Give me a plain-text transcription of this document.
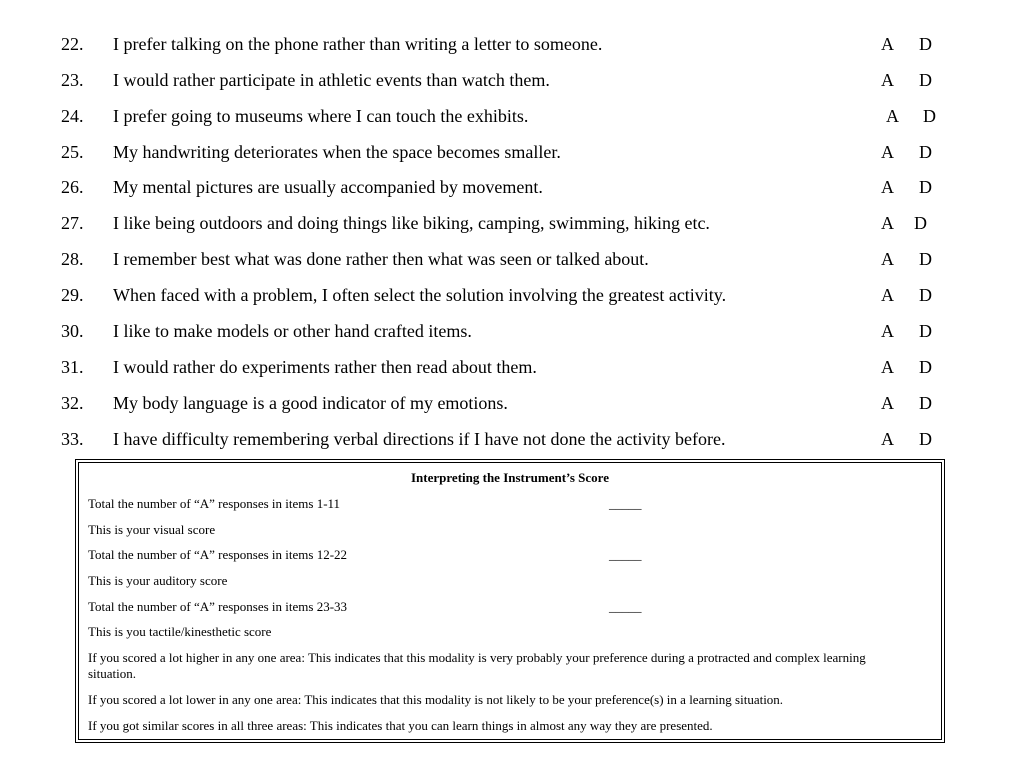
22. I prefer talking on the phone rather than writing a letter to someone.	A D
23. I would rather participate in athletic events than watch them.	A D
24. I prefer going to museums where I can touch the exhibits.	A D
25. My handwriting deteriorates when the space becomes smaller.	A D
26. My mental pictures are usually accompanied by movement.	A D
27. I like being outdoors and doing things like biking, camping, swimming, hiking etc.	A D
28. I remember best what was done rather then what was seen or talked about.	A D
29. When faced with a problem, I often select the solution involving the greatest activity.	A D
30. I like to make models or other hand crafted items.	A D
31. I would rather do experiments rather then read about them.	A D
32. My body language is a good indicator of my emotions.	A D
33. I have difficulty remembering verbal directions if I have not done the activity before.	A D
Interpreting the Instrument’s Score
Total the number of “A” responses in items 1-11	_____
This is your visual score
Total the number of “A” responses in items 12-22	_____
This is your auditory score
Total the number of “A” responses in items 23-33	_____
This is you tactile/kinesthetic score
If you scored a lot higher in any one area: This indicates that this modality is very probably your preference during a protracted and complex learning situation.
If you scored a lot lower in any one area: This indicates that this modality is not likely to be your preference(s) in a learning situation.
If you got similar scores in all three areas: This indicates that you can learn things in almost any way they are presented.
